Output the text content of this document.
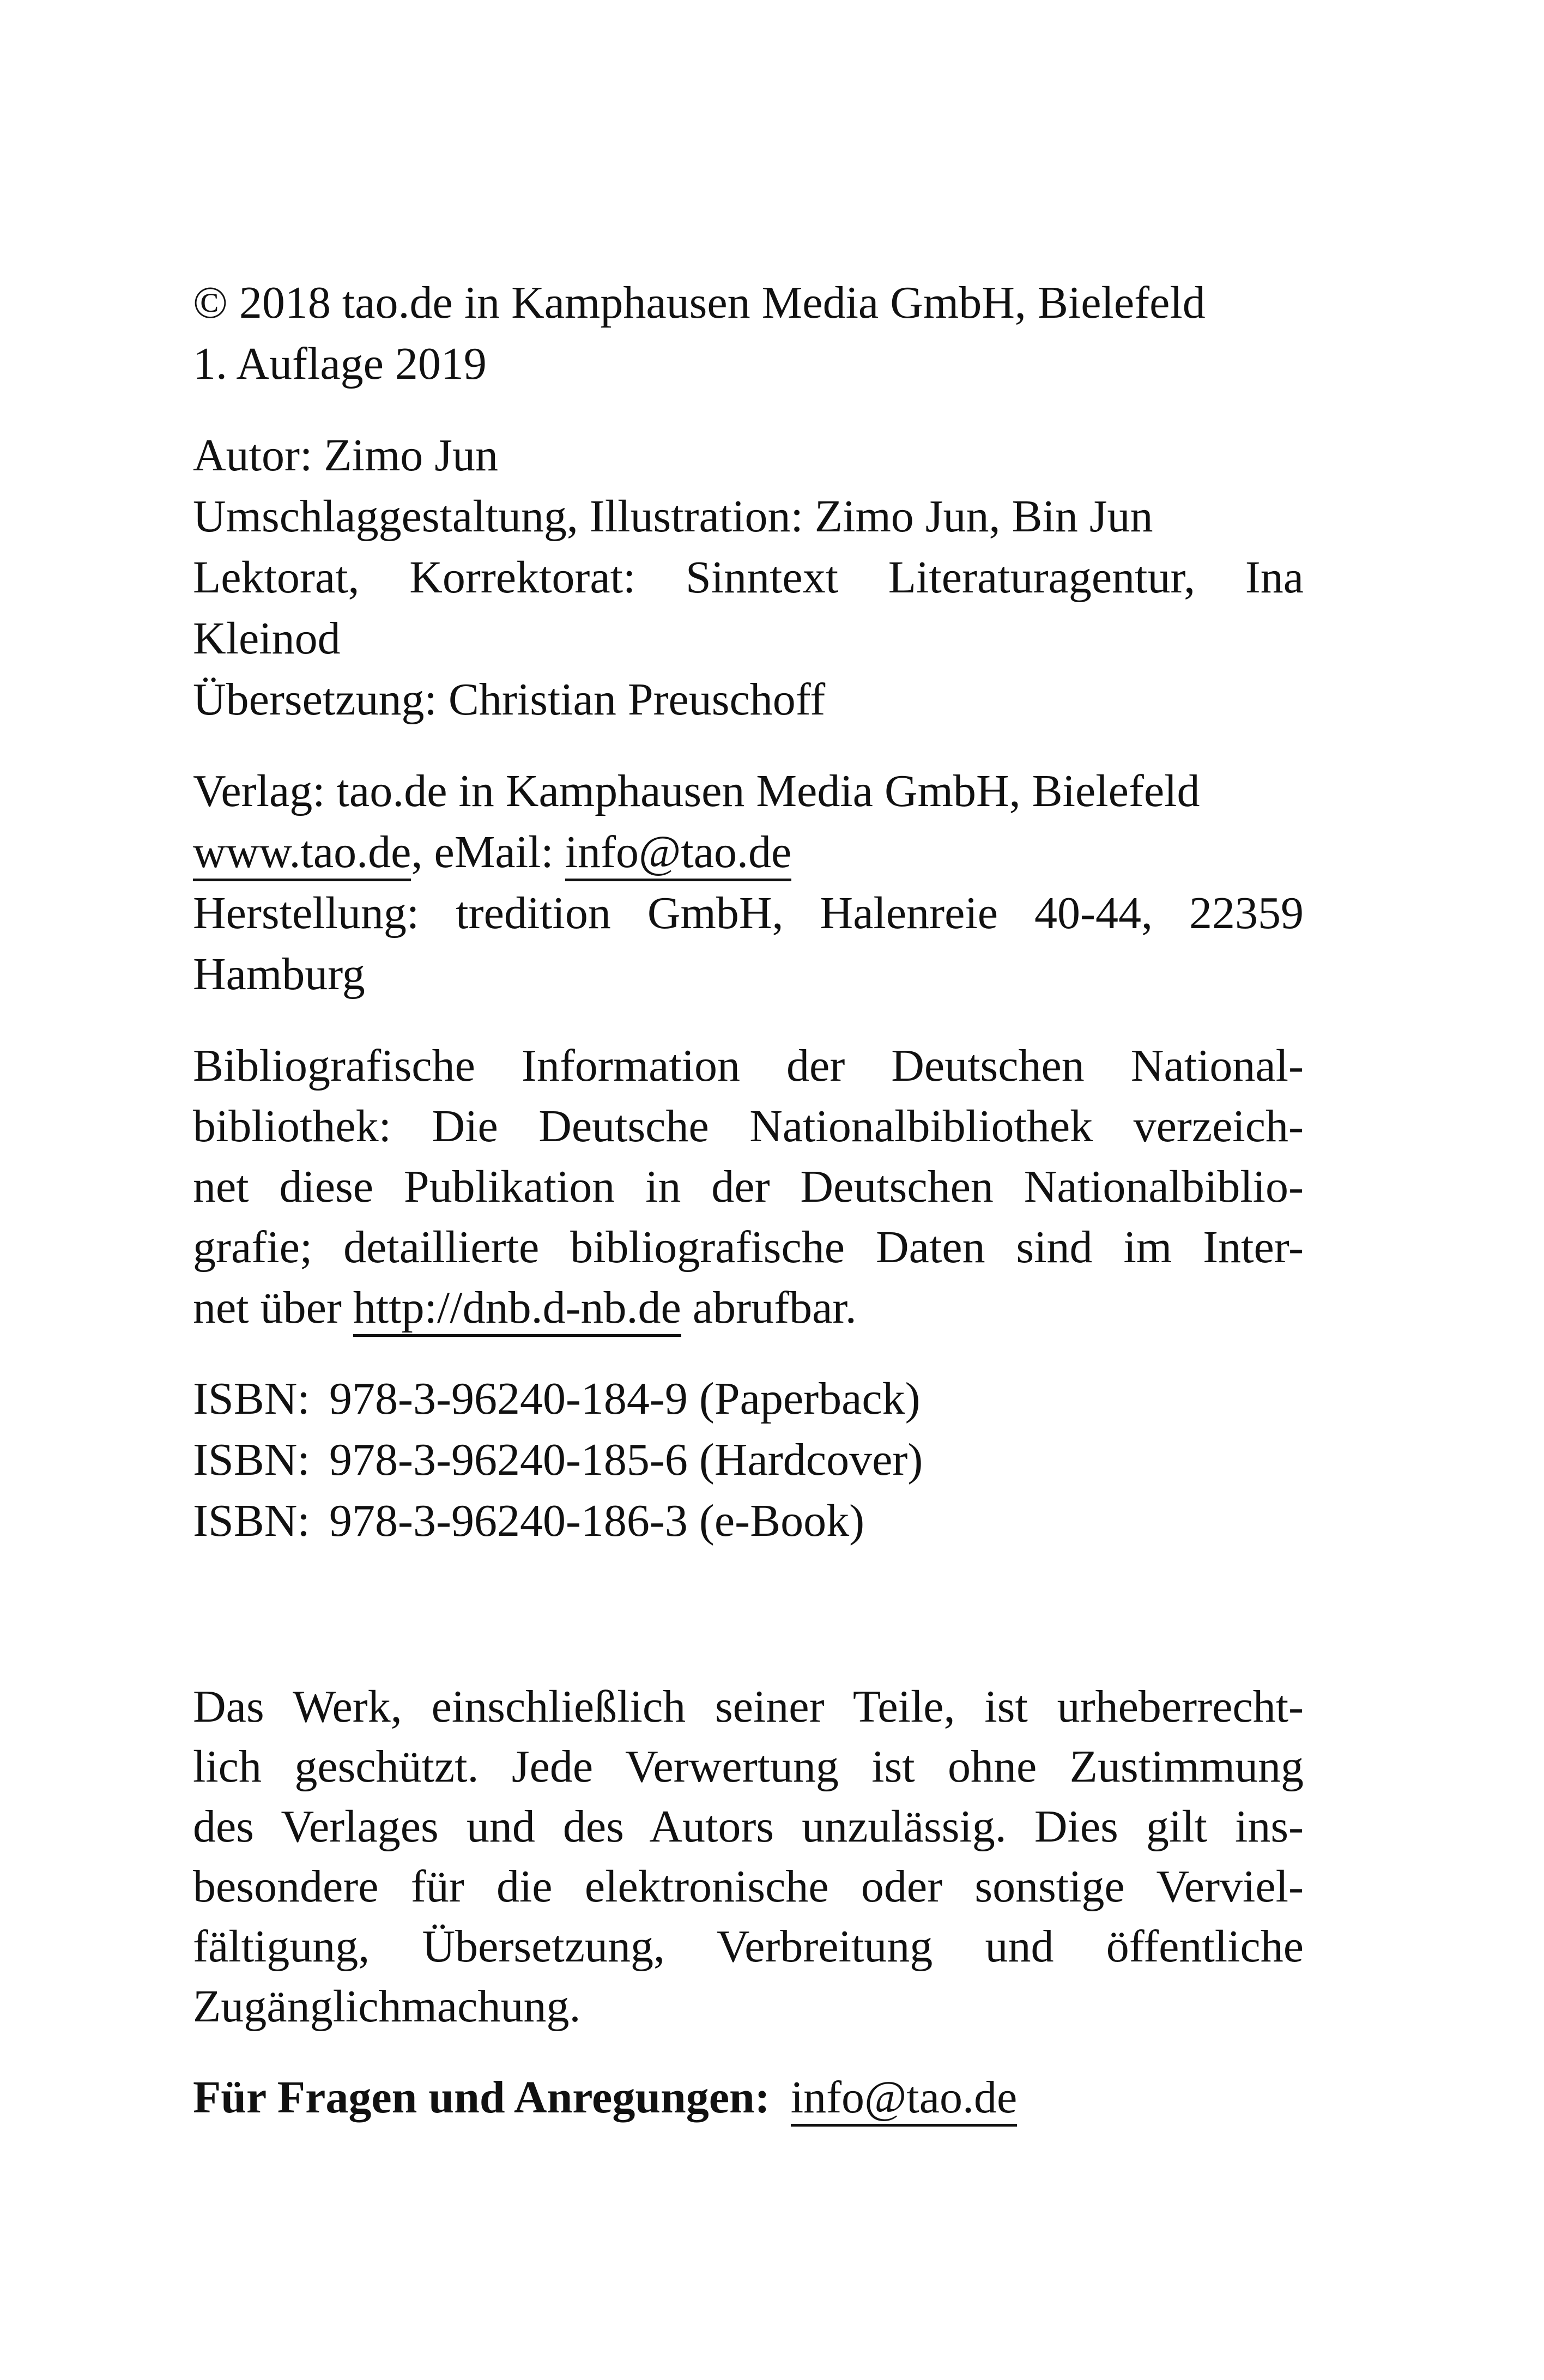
© 2018 tao.de in Kamphausen Media GmbH, Bielefeld

1. Auflage 2019

Autor: Zimo Jun

Umschlaggestaltung, Illustration: Zimo Jun, Bin Jun

Lektorat, Korrektorat: Sinntext Literaturagentur, Ina

Kleinod

Übersetzung: Christian Preuschoff

Verlag: tao.de in Kamphausen Media GmbH, Bielefeld

www.tao.de, eMail: info@tao.de

Herstellung: tredition GmbH, Halenreie 40-44, 22359

Hamburg

Bibliografische Information der Deutschen National-

bibliothek: Die Deutsche Nationalbibliothek verzeich-

net diese Publikation in der Deutschen Nationalbiblio-

grafie; detaillierte bibliografische Daten sind im Inter-

net über http://dnb.d-nb.de abrufbar.

ISBN: 978-3-96240-184-9 (Paperback)

ISBN: 978-3-96240-185-6 (Hardcover)

ISBN: 978-3-96240-186-3 (e-Book)

Das Werk, einschließlich seiner Teile, ist urheberrecht-

lich geschützt. Jede Verwertung ist ohne Zustimmung

des Verlages und des Autors unzulässig. Dies gilt ins-

besondere für die elektronische oder sonstige Verviel-

fältigung, Übersetzung, Verbreitung und öffentliche

Zugänglichmachung.

Für Fragen und Anregungen: info@tao.de
